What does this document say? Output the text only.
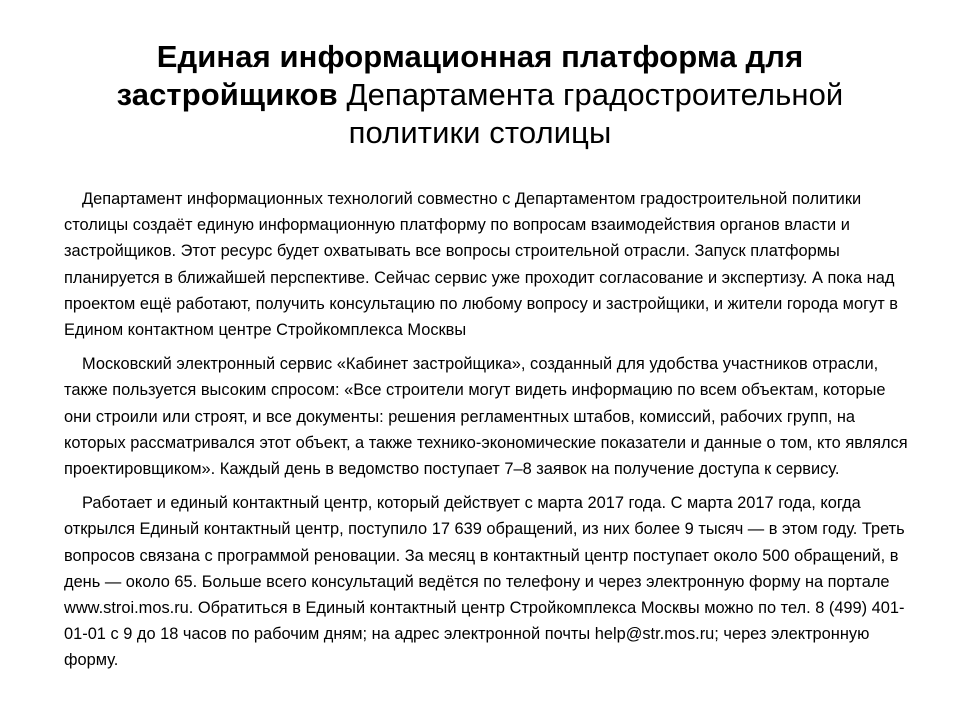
Единая информационная платформа для застройщиков Департамента градостроительной политики столицы

Департамент информационных технологий совместно с Департаментом градостроительной политики столицы создаёт единую информационную платформу по вопросам взаимодействия органов власти и застройщиков. Этот ресурс будет охватывать все вопросы строительной отрасли. Запуск платформы планируется в ближайшей перспективе. Сейчас сервис уже проходит согласование и экспертизу. А пока над проектом ещё работают, получить консультацию по любому вопросу и застройщики, и жители города могут в Едином контактном центре Стройкомплекса Москвы

Московский электронный сервис «Кабинет застройщика», созданный для удобства участников отрасли, также пользуется высоким спросом: «Все строители могут видеть информацию по всем объектам, которые они строили или строят, и все документы: решения регламентных штабов, комиссий, рабочих групп, на которых рассматривался этот объект, а также технико-экономические показатели и данные о том, кто являлся проектировщиком». Каждый день в ведомство поступает 7–8 заявок на получение доступа к сервису.

Работает и единый контактный центр, который действует с марта 2017 года. С марта 2017 года, когда открылся Единый контактный центр, поступило 17 639 обращений, из них более 9 тысяч — в этом году. Треть вопросов связана с программой реновации. За месяц в контактный центр поступает около 500 обращений, в день — около 65. Больше всего консультаций ведётся по телефону и через электронную форму на портале www.stroi.mos.ru. Обратиться в Единый контактный центр Стройкомплекса Москвы можно по тел. 8 (499) 401-01-01 с 9 до 18 часов по рабочим дням; на адрес электронной почты help@str.mos.ru; через электронную форму.
